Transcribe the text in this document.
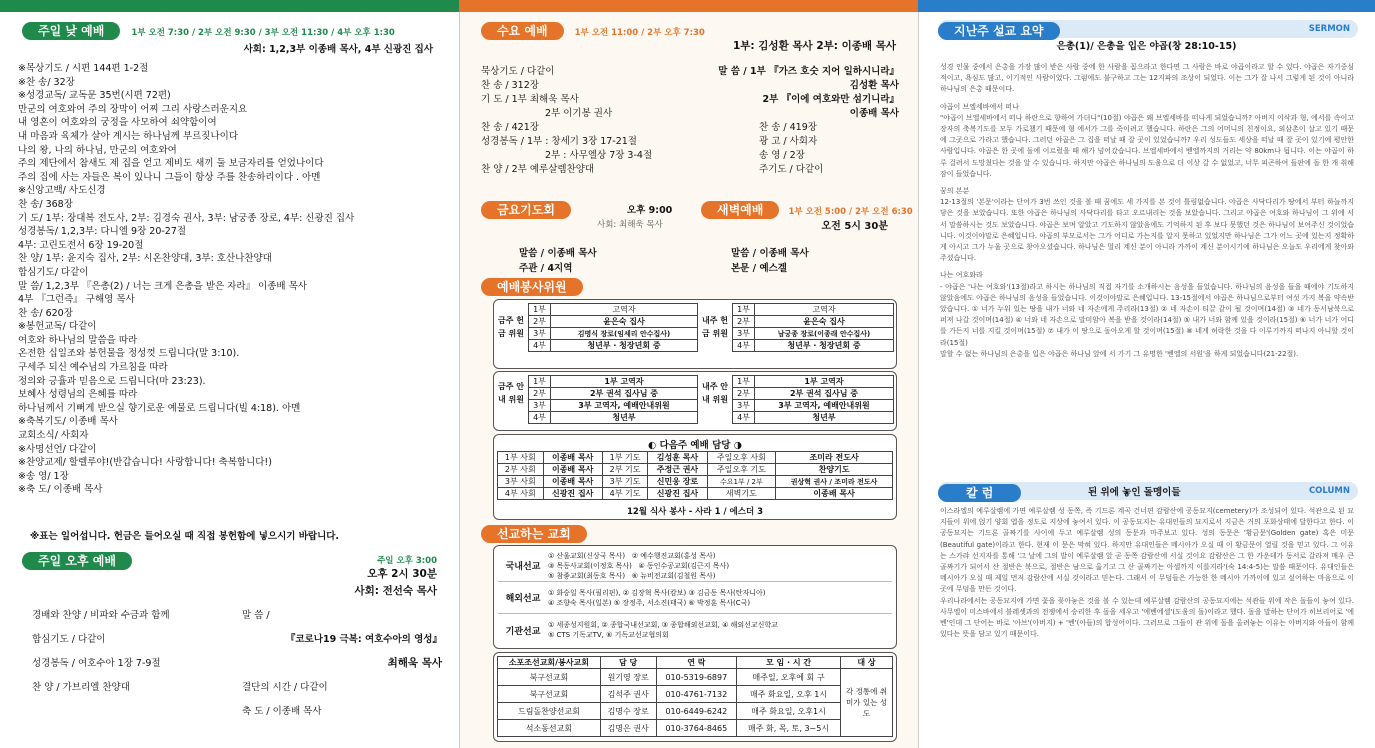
주일 낮 예배	1부 오전 7:30 / 2부 오전 9:30 / 3부 오전 11:30 / 4부 오후 1:30
사회: 1,2,3부 이종배 목사, 4부 신광진 집사
※목상기도 / 시편 144편 1-2절
※찬 송/ 32장
※성경교독/ 교독문 35번(시편 72편)
만군의 여호와여 주의 장막이 어찌 그리 사랑스러운지요
내 영혼이 여호와의 궁정을 사모하여 쇠약함이여
내 마음과 육체가 살아 계시는 하나님께 부르짖나이다
나의 왕, 나의 하나님, 만군의 여호와여
주의 제단에서 참새도 제 집을 얻고 제비도 새끼 둘 보금자리를 얻었나이다
주의 집에 사는 자들은 복이 있나니 그들이 항상 주를 찬송하리이다 . 아멘
※신앙고백/ 사도신경
찬 송/ 368장
기 도/ 1부: 장대복 전도사, 2부: 김경숙 권사, 3부: 남궁종 장로, 4부: 신광진 집사
성경봉독/ 1,2,3부: 다니엘 9장 20-27절
4부: 고린도전서 6장 19-20절
찬 양/ 1부: 윤지숙 집사, 2부: 시온찬양대, 3부: 호산나찬양대
합심기도/ 다같이
말 씀/ 1,2,3부 『은총(2) / 너는 크게 은총을 받은 자라』 이종배 목사
4부 『그런즉』 구해영 목사
찬 송/ 620장
※봉헌교독/ 다같이
여호와 하나님의 말씀을 따라
온전한 십일조와 봉헌물을 정성껏 드립니다(말 3:10).
구세주 되신 예수님의 가르침을 따라
정의와 긍휼과 믿음으로 드립니다(마 23:23).
보혜사 성령님의 은혜를 따라
하나님께서 기뻐게 받으실 향기로운 예물로 드립니다(빌 4:18). 아멘
※축복기도/ 이종배 목사
교회소식/ 사회자
※사명선언/ 다같이
※찬양교제/ 할렐루야!(반갑습니다! 사랑합니다! 축복합니다!)
※송 영/ 1장
※축 도/ 이종배 목사
※표는 일어섭니다. 헌금은 들어오실 때 직접 봉헌함에 넣으시기 바랍니다.
주일 오후 예배	주일 오후 3:00
오후 2시 30분
사회: 전선숙 목사
경배와 찬양 / 비파와 수금과 함께	말 씀 /
합심기도 / 다같이	『코로나19 극복: 여호수아의 영성』
성경봉독 / 여호수아 1장 7-9절	최해욱 목사
찬 양 / 가브리엘 찬양대	결단의 시간 / 다같이
축 도 / 이종배 목사
수요 예배	1부 오전 11:00 / 2부 오후 7:30
1부: 김성환 목사 2부: 이종배 목사
묵상기도 / 다같이	말 씀 / 1부 『가즈 호숫 지어 일하시니라』
찬 송 / 312장	김성환 목사
기 도 / 1부 최해욱 목사	2부 『이에 여호와만 섬기니라』
2부 이기봉 권사	이종배 목사
찬 송 / 421장	찬 송 / 419장
성경봉독 / 1부 : 창세기 3장 17-21절	광 고 / 사회자
2부 : 사무엘상 7장 3-4절	송 영 / 2장
찬 양 / 2부 예루살렘찬양대	주기도 / 다같이
금요기도회	오후 9:00
사회: 최해욱 목사
말씀 / 이종배 목사
주관 / 4지역
새벽예배	1부 오전 5:00 / 2부 오전 6:30
오전 5시 30분
말씀 / 이종배 목사
본문 / 예스겔
예배봉사위원
금주 헌금 위원
1부	고역자
2부	윤은숙 집사
3부	김명식 장로(임세리 안수집사)
4부	청년부 · 청장년회 중
내주 헌금 위원
1부	고역자
2부	윤은숙 집사
3부	남궁종 장로(이종래 안수집사)
4부	청년부 · 청장년회 중
금주 안내 위원
1부	1부 고역자
2부	2부 권석 집사님 중
3부	3부 고역자, 예배안내위원
4부	청년부
내주 안내 위원
1부	1부 고역자
2부	2부 권석 집사님 중
3부	3부 고역자, 예배안내위원
4부	청년부
◐ 다음주 예배 담당 ◑
1부 사회	이종배 목사	1부 기도	김성훈 목사	주일오후 사회	조미라 전도사
2부 사회	이종배 목사	2부 기도	주정근 권사	주일오후 기도	찬양기도
3부 사회	이종배 목사	3부 기도	신민웅 장로	수요1부 / 2부	권상혁 권사 / 조미라 전도사
4부 사회	신광진 집사	4부 기도	신광진 집사	새벽기도	이종배 목사
12월 식사 봉사 - 사라 1 / 에스더 3
선교하는 교회
국내선교
① 산울교회(신상국 목사)   ② 예수행진교회(홍성 목사)
③ 목동사교회(이정호 목사)   ④ 동인수공교회(김근지 목사)
⑤ 참좋교회(최동호 목사)   ⑥ 뉴비전교회(김철원 목사)
해외선교
① 화승일 목사(필리핀), ② 김장혁 목사(캄보) ③ 김금동 목사(탄자니아)
④ 조향숙 목사(일본) ⑤ 장정주, 서소진(태국) ⑥ 박정훈 목사(C국)
기관선교
① 세종성지원회, ② 종합국내선교회, ③ 종합해외선교회, ④ 해외선교신학교
⑤ CTS 기독교TV, ⑥ 기독교선교협의회
소포조선교회/봉사교회	담 당	연 락	모 임 · 시 간	대 상
북구선교회	원기영 장로	010-5319-6897	매주일, 오후에 회 구	각 정통에 취미가 있는 성도
북구선교회	김석주 권사	010-4761-7132	매주 화요일, 오후 1시	
드림돌찬양선교회	김명수 장로	010-6449-6242	매주 화요일, 오후1시	
석소동선교회	김명은 권사	010-3764-8465	매주 화, 목, 토, 3~5시	
지난주 설교 요약	SERMON
은총(1)/ 은총을 입은 야곱(창 28:10-15)

성경 인물 중에서 은총을 가장 많이 받은 사람 중에 한 사람을 꼽으라고 한다면 그 사람은 바로 야곱이라고 할 수 있다. 야곱은 자기중심적이고, 욕심도 많고, 이기적인 사람이었다. 그럼에도 불구하고 그는 12지파의 조상이 되었다. 이는 그가 잘 나서 그렇게 된 것이 아니라 하나님의 은총 때문이다.

야곱이 브엘세바에서 떠나

"야곱이 브엘세바에서 떠나 하란으로 향하여 가더니"(10절) 야곱은 왜 브엘세바를 떠나게 되었습니까? 아버지 이삭과 형, 에서를 속이고 장자의 축복기도를 모두 가로챘기 때문에 형 에서가 그를 죽이려고 했습니다. 하란은 그의 어머니의 친정이요, 외삼촌이 살고 있기 때문에 그곳으로 가라고 했습니다. 그러던 야곱은 그 집을 떠날 때 잘 곳이 있었습니까? 우리 성도들도 세상을 떠날 때 잘 곳이 있기에 평안한 사람입니다. 야곱은 한 곳에 돌에 이르렀을 때 해가 넘어갔습니다. 브엘세바에서 벧엘까지의 거리는 약 80km나 됩니다. 이는 야곱이 하루 걸려서 도망쳤다는 것을 알 수 있습니다. 하지만 야곱은 하나님의 도움으로 더 이상 갈 수 없었고, 너무 피곤하여 들판에 돌 한 개 취해 잠이 들었습니다.

꿈의 본분

12-13절의 '본문'이라는 단어가 3번 쓰인 것을 볼 때 꿈에도 세 가지를 본 것이 틀림없습니다. 야곱은 사닥다리가 땅에서 부터 하늘까지 닿은 것을 보았습니다. 또한 야곱은 하나님의 사닥다리를 타고 오르내리는 것을 보았습니다. 그리고 야곱은 여호와 하나님이 그 위에 서서 말씀하시는 것도 보았습니다. 야곱은 보며 알았고 기도하지 않았음에도 기억하지 된 후 보다 못했던 것은 하나님이 보여주신 것이었습니다. 이것이야말로 은혜입니다. 야곱의 부모로서는 그가 어디로 가는지를 알지 못하고 있었지만 하나님은 그가 어느 곳에 있는지 정확하게 아시고 그가 누울 곳으로 찾아오셨습니다. 하나님은 멀리 계신 분이 아니라 가까이 계신 분이시기에 하나님은 오늘도 우리에게 찾아와 주셨습니다.

나는 여호와라

- 야곱은 '나는 여호와'(13절)라고 하시는 하나님의 직접 자기를 소개하시는 음성을 들었습니다. 하나님의 음성을 들을 때에야 기도하지 않았음에도 야곱은 하나님의 음성을 들었습니다. 이것이야말로 은혜입니다. 13-15절에서 야곱은 하나님으로부터 여섯 가지 복을 약속받았습니다. ① 너가 누워 있는 땅을 내가 너와 네 자손에게 주리라(13절) ② 네 자손이 티끌 같이 될 것이며(14절) ③ 네가 동서남북으로 퍼져 나갈 것이며(14절) ④ 너와 네 자손으로 말미암아 복을 받을 것이라(14절) ⑤ 내가 너와 함께 있을 것이라(15절) ⑥ 너가 너가 어디를 가든지 너를 지킬 것이며(15절) ⑦ 내가 이 땅으로 돌아오게 할 것이며(15절) ⑧ 네게 허락한 것을 다 이루기까지 떠나지 아니할 것이라(15절)

말할 수 없는 하나님의 은총을 입은 야곱은 하나님 앞에 서 가기 그 유명한 '벧엘의 서원'을 하게 되었습니다(21-22절).

칼 럼	COLUMN
된 위에 놓인 돌멩이들

이스라엘의 예루살렘에 가면 예루살렘 성 동쪽, 즉 기드론 계곡 건너편 감람산에 공동묘지(cemetery)가 조성되어 있다. 석관으로 된 묘지들이 위에 얹기 양회 엽을 정도로 지상에 놓여서 있다. 이 공동묘지는 유대인들의 묘지로서 지금은 거의 포화상태에 달한다고 한다. 이 공동묘지는 기드론 골짜기를 사이에 두고 예루살렘 성의 동문과 마주보고 있다. 성의 동문은 '황금문'(Golden gate) 혹은 미문(Beautiful gate)이라고 한다. 현재 이 문은 막혀 있다. 하지만 유대인들은 메시아가 오실 때 이 황금문이 열릴 것을 믿고 있다. 그 이유는 스가랴 선지자를 통해 '그 날에 그의 발이 예루살렘 앞 곧 동쪽 감람산에 서실 것이요 감람산은 그 한 가운데가 동서로 갈라져 매우 큰 골짜기가 되어서 산 절반은 북으로, 절반은 남으로 옮기고 그 산 골짜기는 아셀까지 이를지라'(숙 14:4-5)는 말씀 때문이다. 유대인들은 메시아가 오실 때 제일 먼저 감람산에 서실 것이라고 믿는다. 그래서 이 무덤들은 가능한 한 메시아 가까이에 있고 싶어하는 마음으로 이곳에 무덤을 만든 것이다.

우리나라에서는 공동묘지에 가면 꽃을 꽂아놓은 것을 볼 수 있는데 예루살렘 감람산의 공동묘지에는 석관들 위에 작은 돌들이 놓여 있다. 사무엘이 미스바에서 블레셋과의 전쟁에서 승리한 후 돌을 세우고 '에벤에셀'(도움의 돌)이라고 했다. 돌을 말하는 단어가 히브리어로 '에벤'인데 그 단어는 바로 '아브'(아버지) + '벤'(아들)의 합성어이다. 그러므로 그들이 관 위에 돌을 올려놓는 이유는 아버지와 아들이 함께 있다는 뜻을 담고 있기 때문이다.
